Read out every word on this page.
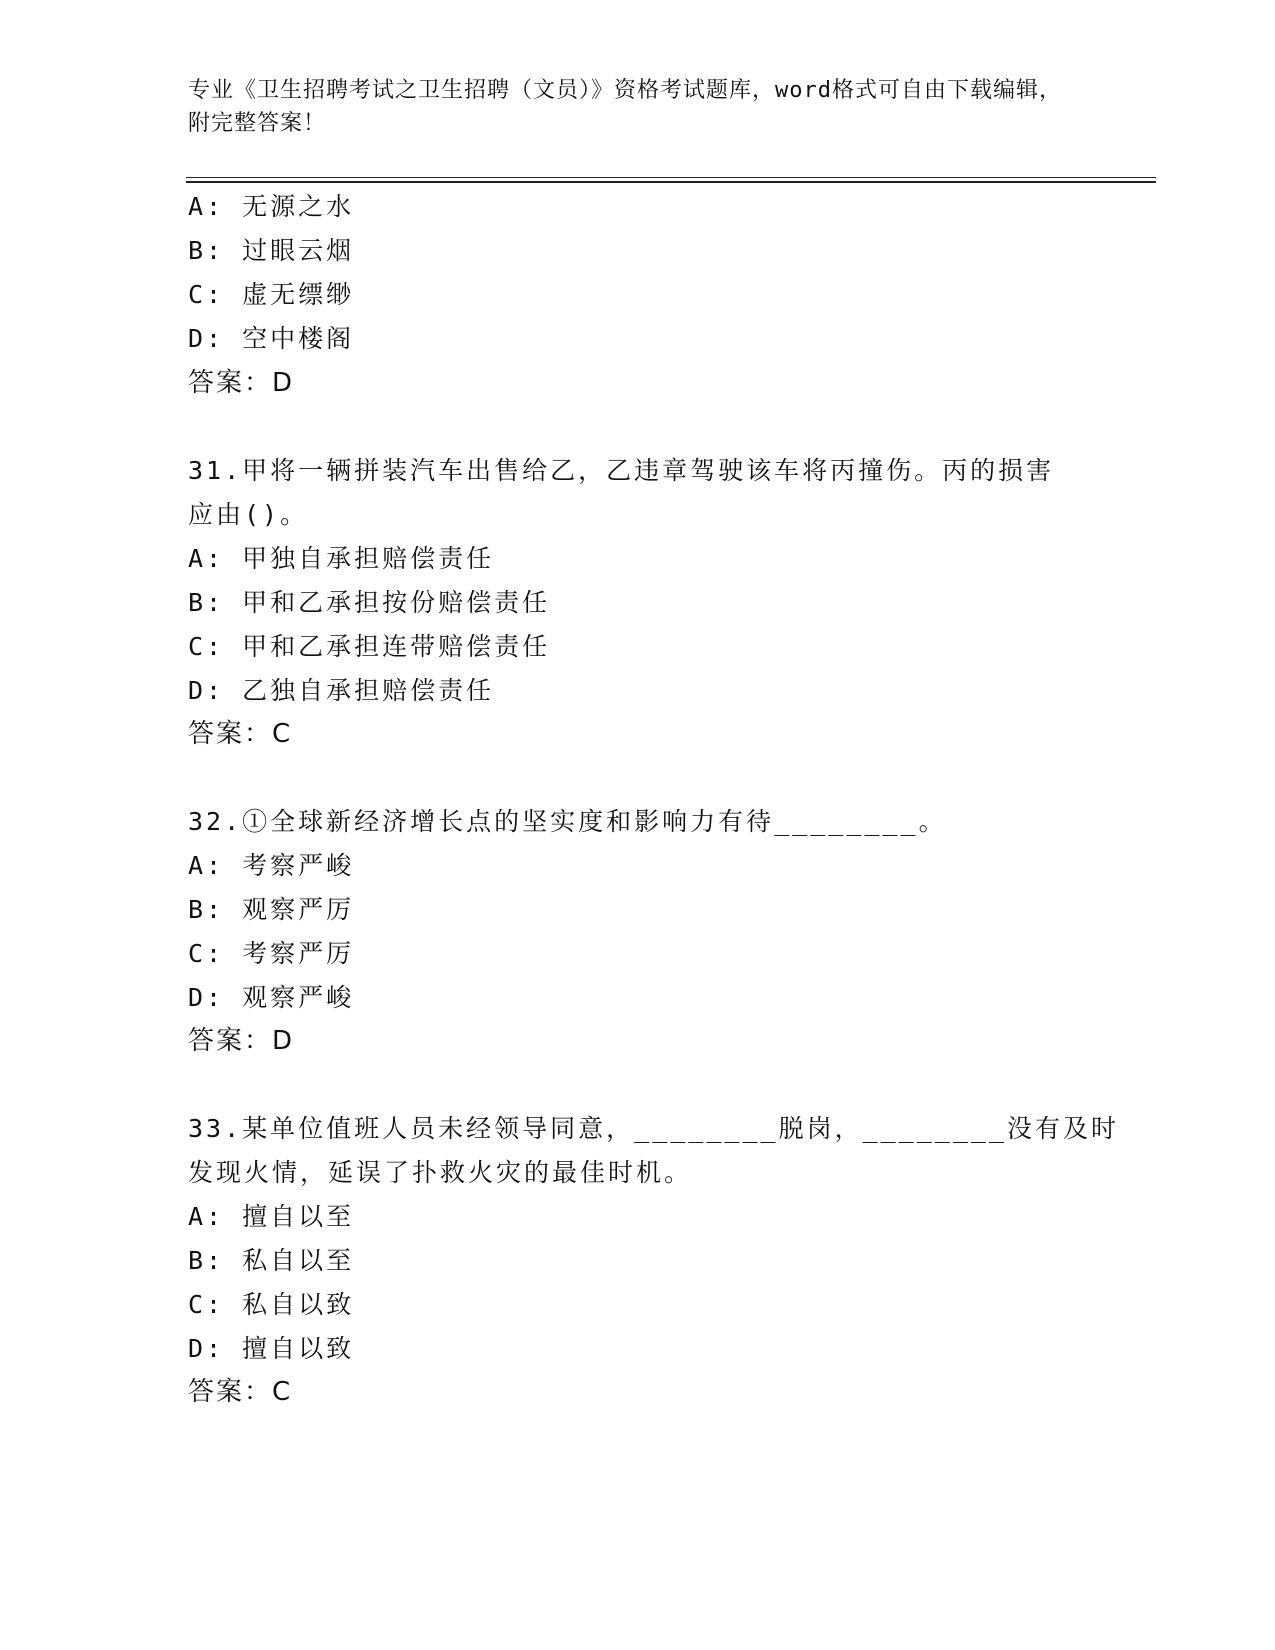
专业《卫生招聘考试之卫生招聘（文员）》资格考试题库，word格式可自由下载编辑，附完整答案！
A: 无源之水
B: 过眼云烟
C: 虚无缥缈
D: 空中楼阁
答案：D
31.甲将一辆拼装汽车出售给乙，乙违章驾驶该车将丙撞伤。丙的损害
应由()。
A: 甲独自承担赔偿责任
B: 甲和乙承担按份赔偿责任
C: 甲和乙承担连带赔偿责任
D: 乙独自承担赔偿责任
答案：C
32.①全球新经济增长点的坚实度和影响力有待________。
A: 考察严峻
B: 观察严厉
C: 考察严厉
D: 观察严峻
答案：D
33.某单位值班人员未经领导同意，________脱岗，________没有及时
发现火情，延误了扑救火灾的最佳时机。
A: 擅自以至
B: 私自以至
C: 私自以致
D: 擅自以致
答案：C
